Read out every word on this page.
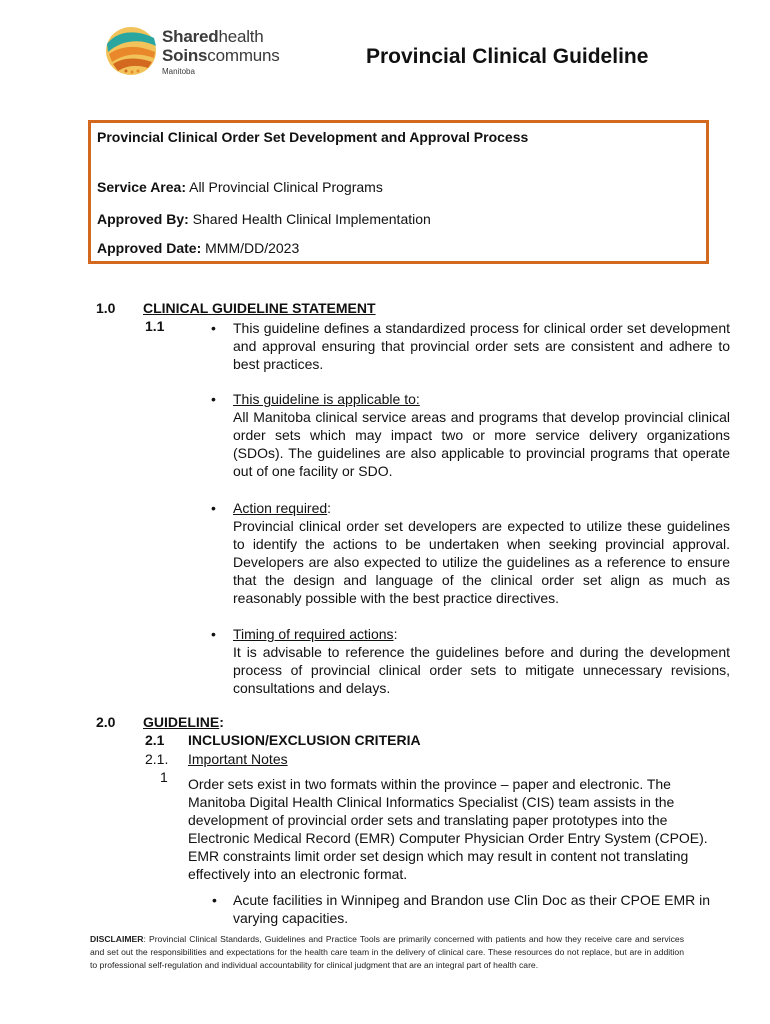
Sharedhealth
Soinscommuns
Manitoba
Provincial Clinical Guideline
Provincial Clinical Order Set Development and Approval Process
Service Area: All Provincial Clinical Programs
Approved By: Shared Health Clinical Implementation
Approved Date: MMM/DD/2023
1.0 CLINICAL GUIDELINE STATEMENT
1.1	• This guideline defines a standardized process for clinical order set development and approval ensuring that provincial order sets are consistent and adhere to best practices.
• This guideline is applicable to:
All Manitoba clinical service areas and programs that develop provincial clinical order sets which may impact two or more service delivery organizations (SDOs). The guidelines are also applicable to provincial programs that operate out of one facility or SDO.
• Action required:
Provincial clinical order set developers are expected to utilize these guidelines to identify the actions to be undertaken when seeking provincial approval. Developers are also expected to utilize the guidelines as a reference to ensure that the design and language of the clinical order set align as much as reasonably possible with the best practice directives.
• Timing of required actions:
It is advisable to reference the guidelines before and during the development process of provincial clinical order sets to mitigate unnecessary revisions, consultations and delays.
2.0 GUIDELINE:
2.1 INCLUSION/EXCLUSION CRITERIA
2.1.
1
Important Notes
Order sets exist in two formats within the province – paper and electronic. The Manitoba Digital Health Clinical Informatics Specialist (CIS) team assists in the development of provincial order sets and translating paper prototypes into the Electronic Medical Record (EMR) Computer Physician Order Entry System (CPOE). EMR constraints limit order set design which may result in content not translating effectively into an electronic format.
• Acute facilities in Winnipeg and Brandon use Clin Doc as their CPOE EMR in varying capacities.
DISCLAIMER: Provincial Clinical Standards, Guidelines and Practice Tools are primarily concerned with patients and how they receive care and services and set out the responsibilities and expectations for the health care team in the delivery of clinical care. These resources do not replace, but are in addition to professional self-regulation and individual accountability for clinical judgment that are an integral part of health care.
